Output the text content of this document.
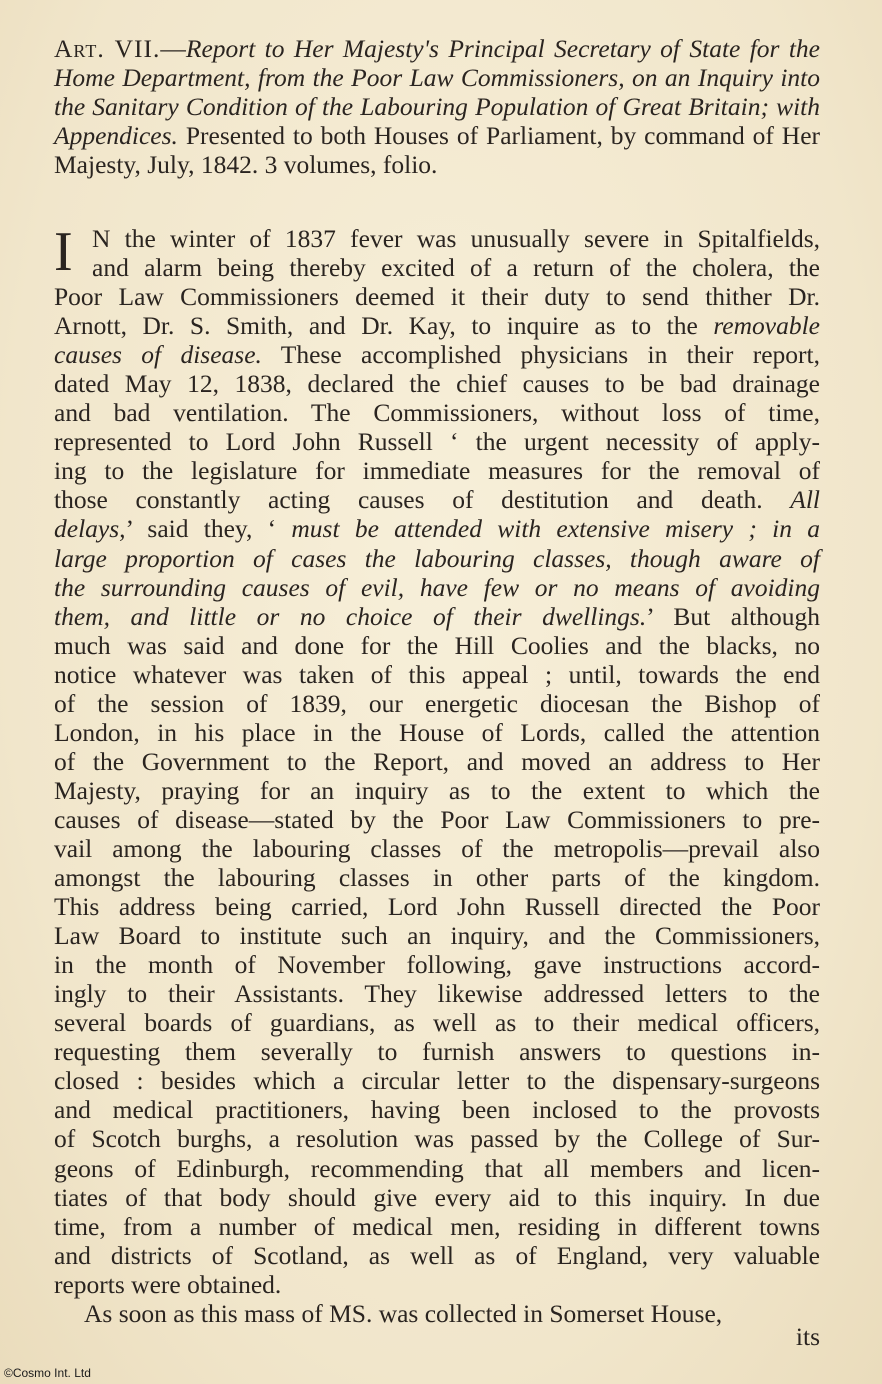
Art. VII.—Report to Her Majesty's Principal Secretary of State for the Home Department, from the Poor Law Commissioners, on an Inquiry into the Sanitary Condition of the Labouring Population of Great Britain; with Appendices. Presented to both Houses of Parliament, by command of Her Majesty, July, 1842. 3 volumes, folio.
I N the winter of 1837 fever was unusually severe in Spitalfields,
and alarm being thereby excited of a return of the cholera, the
Poor Law Commissioners deemed it their duty to send thither Dr.
Arnott, Dr. S. Smith, and Dr. Kay, to inquire as to the removable
causes of disease. These accomplished physicians in their report,
dated May 12, 1838, declared the chief causes to be bad drainage
and bad ventilation. The Commissioners, without loss of time,
represented to Lord John Russell ‘ the urgent necessity of apply-
ing to the legislature for immediate measures for the removal of
those constantly acting causes of destitution and death. All
delays,’ said they, ‘ must be attended with extensive misery ; in a
large proportion of cases the labouring classes, though aware of
the surrounding causes of evil, have few or no means of avoiding
them, and little or no choice of their dwellings.’ But although
much was said and done for the Hill Coolies and the blacks, no
notice whatever was taken of this appeal ; until, towards the end
of the session of 1839, our energetic diocesan the Bishop of
London, in his place in the House of Lords, called the attention
of the Government to the Report, and moved an address to Her
Majesty, praying for an inquiry as to the extent to which the
causes of disease—stated by the Poor Law Commissioners to pre-
vail among the labouring classes of the metropolis—prevail also
amongst the labouring classes in other parts of the kingdom.
This address being carried, Lord John Russell directed the Poor
Law Board to institute such an inquiry, and the Commissioners,
in the month of November following, gave instructions accord-
ingly to their Assistants. They likewise addressed letters to the
several boards of guardians, as well as to their medical officers,
requesting them severally to furnish answers to questions in-
closed : besides which a circular letter to the dispensary-surgeons
and medical practitioners, having been inclosed to the provosts
of Scotch burghs, a resolution was passed by the College of Sur-
geons of Edinburgh, recommending that all members and licen-
tiates of that body should give every aid to this inquiry. In due
time, from a number of medical men, residing in different towns
and districts of Scotland, as well as of England, very valuable
reports were obtained.
As soon as this mass of MS. was collected in Somerset House,
its
©Cosmo Int. Ltd
